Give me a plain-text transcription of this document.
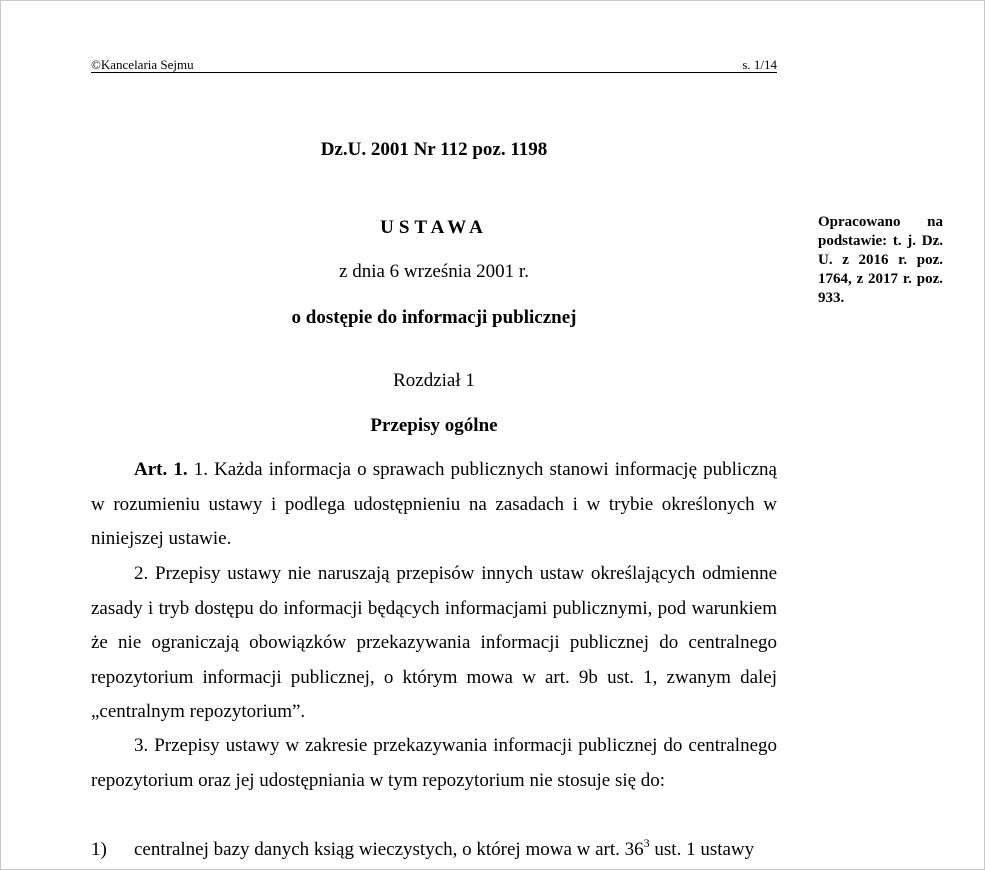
©Kancelaria Sejmu	s. 1/14
Dz.U. 2001 Nr 112 poz. 1198
USTAWA
z dnia 6 września 2001 r.
o dostępie do informacji publicznej
Rozdział 1
Przepisy ogólne
Opracowano na podstawie: t. j. Dz. U. z 2016 r. poz. 1764, z 2017 r. poz. 933.

Art. 1. 1. Każda informacja o sprawach publicznych stanowi informację publiczną w rozumieniu ustawy i podlega udostępnieniu na zasadach i w trybie określonych w niniejszej ustawie.

2. Przepisy ustawy nie naruszają przepisów innych ustaw określających odmienne zasady i tryb dostępu do informacji będących informacjami publicznymi, pod warunkiem że nie ograniczają obowiązków przekazywania informacji publicznej do centralnego repozytorium informacji publicznej, o którym mowa w art. 9b ust. 1, zwanym dalej „centralnym repozytorium”.

3. Przepisy ustawy w zakresie przekazywania informacji publicznej do centralnego repozytorium oraz jej udostępniania w tym repozytorium nie stosuje się do:

1) centralnej bazy danych ksiąg wieczystych, o której mowa w art. $36^3$ ust. 1 ustawy
